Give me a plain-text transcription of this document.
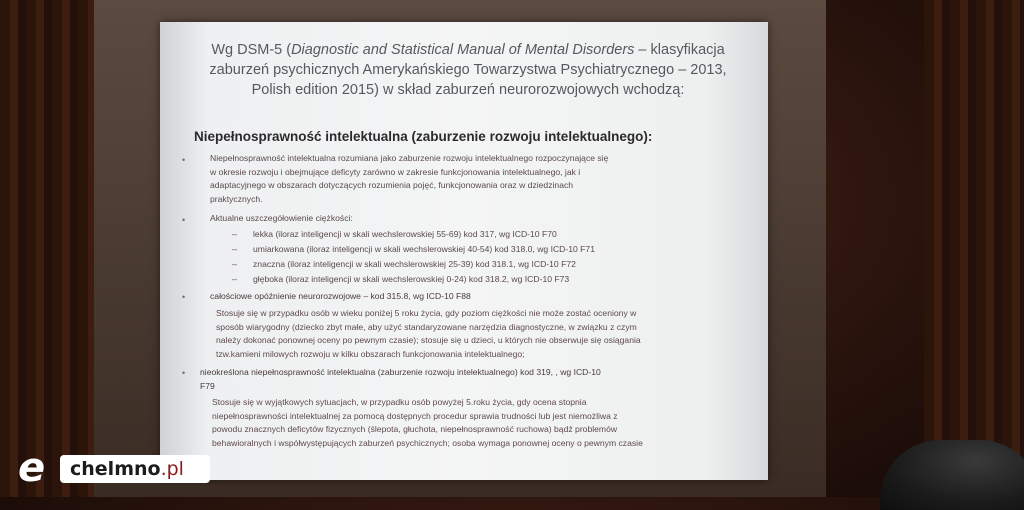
Wg DSM-5 (Diagnostic and Statistical Manual of Mental Disorders – klasyfikacja zaburzeń psychicznych Amerykańskiego Towarzystwa Psychiatrycznego – 2013, Polish edition 2015) w skład zaburzeń neurorozwojowych wchodzą:
Niepełnosprawność intelektualna (zaburzenie rozwoju intelektualnego):
•	Niepełnosprawność intelektualna rozumiana jako zaburzenie rozwoju intelektualnego rozpoczynające się
w okresie rozwoju i obejmujące deficyty zarówno w zakresie funkcjonowania intelektualnego, jak i
adaptacyjnego w obszarach dotyczących rozumienia pojęć, funkcjonowania oraz w dziedzinach
praktycznych.
•	Aktualne uszczegółowienie ciężkości:
– lekka (iloraz inteligencji w skali wechslerowskiej 55-69) kod 317, wg ICD-10 F70
– umiarkowana (iloraz inteligencji w skali wechslerowskiej 40-54) kod 318.0, wg ICD-10 F71
– znaczna (iloraz inteligencji w skali wechslerowskiej 25-39) kod 318.1, wg ICD-10 F72
– głęboka (iloraz inteligencji w skali wechslerowskiej 0-24) kod 318.2, wg ICD-10 F73
•	całościowe opóźnienie neurorozwojowe – kod 315.8, wg ICD-10 F88
Stosuje się w przypadku osób w wieku poniżej 5 roku życia, gdy poziom ciężkości nie może zostać oceniony w
sposób wiarygodny (dziecko zbyt małe, aby użyć standaryzowane narzędzia diagnostyczne, w związku z czym
należy dokonać ponownej oceny po pewnym czasie); stosuje się u dzieci, u których nie obserwuje się osiągania
tzw.kamieni milowych rozwoju w kilku obszarach funkcjonowania intelektualnego;
• nieokreślona niepełnosprawność intelektualna (zaburzenie rozwoju intelektualnego) kod 319, , wg ICD-10
F79
Stosuje się w wyjątkowych sytuacjach, w przypadku osób powyżej 5.roku życia, gdy ocena stopnia
niepełnosprawności intelektualnej za pomocą dostępnych procedur sprawia trudności lub jest niemożliwa z
powodu znacznych deficytów fizycznych (ślepota, głuchota, niepełnosprawność ruchowa) bądź problemów
behawioralnych i współwystępujących zaburzeń psychicznych; osoba wymaga ponownej oceny o pewnym czasie
e chelmno.pl
